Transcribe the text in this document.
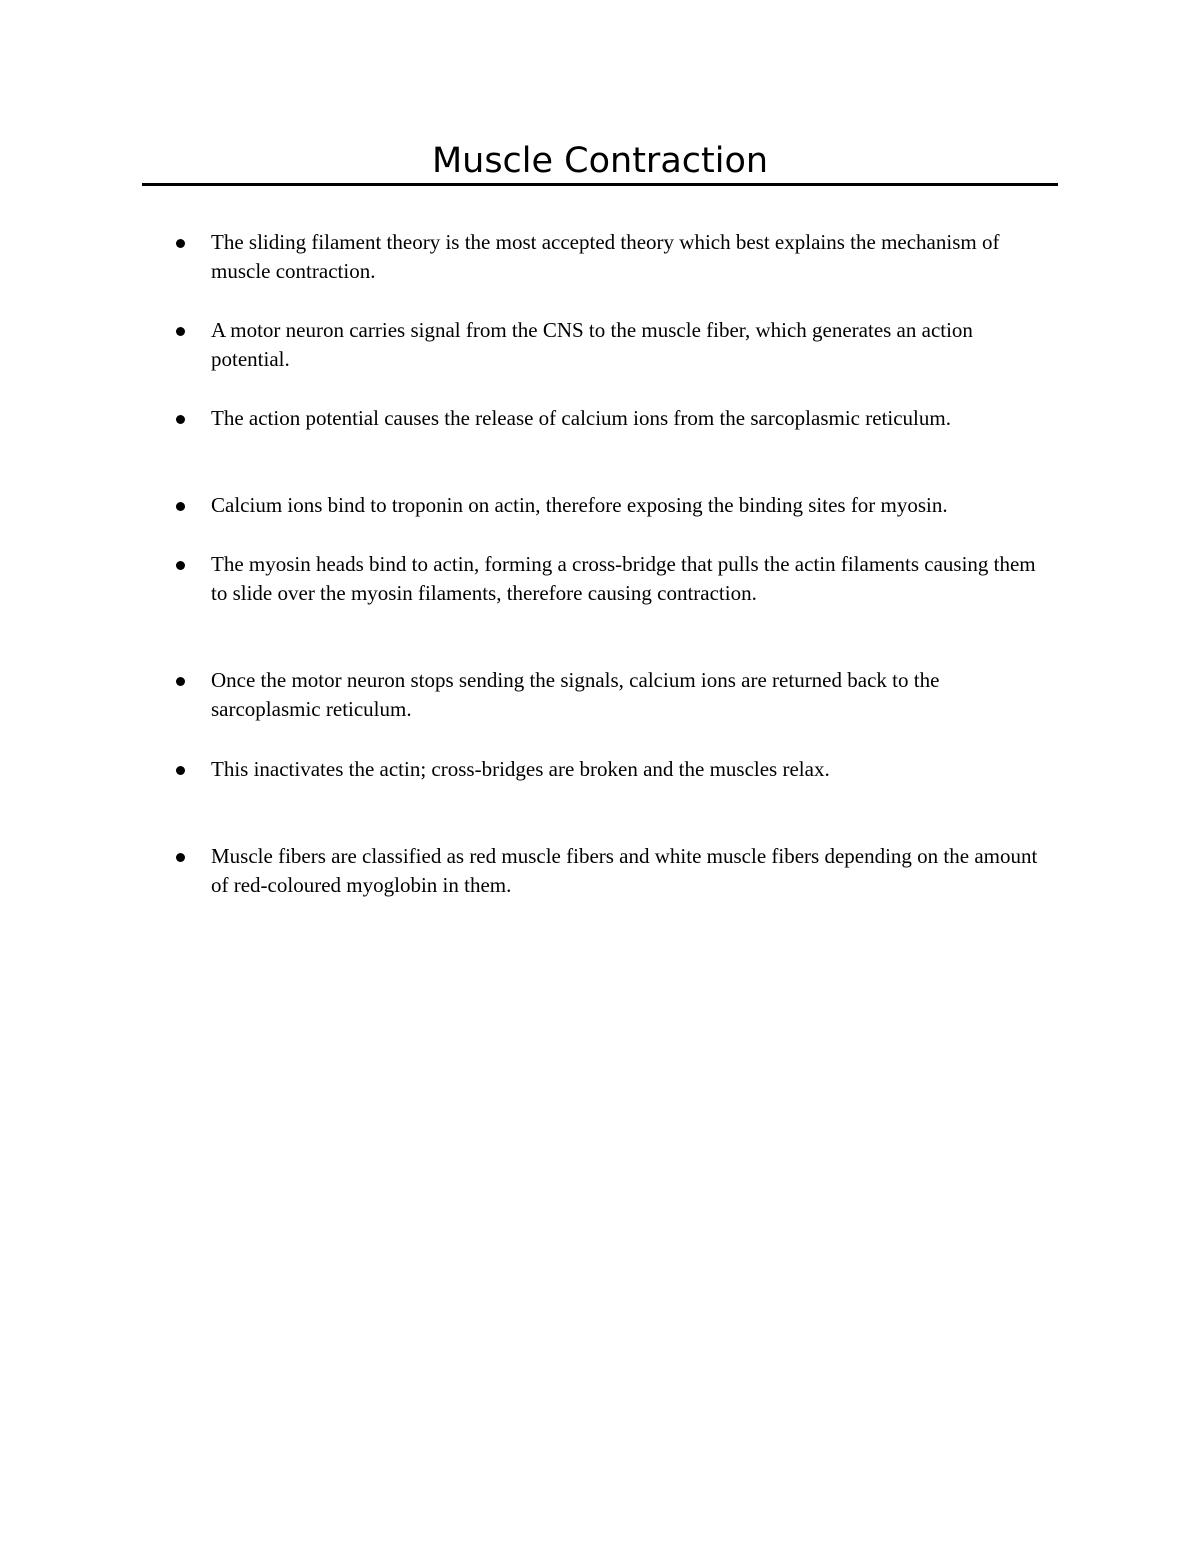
Muscle Contraction
The sliding filament theory is the most accepted theory which best explains the mechanism of muscle contraction.
A motor neuron carries signal from the CNS to the muscle fiber, which generates an action potential.
The action potential causes the release of calcium ions from the sarcoplasmic reticulum.
Calcium ions bind to troponin on actin, therefore exposing the binding sites for myosin.
The myosin heads bind to actin, forming a cross-bridge that pulls the actin filaments causing them to slide over the myosin filaments, therefore causing contraction.
Once the motor neuron stops sending the signals, calcium ions are returned back to the sarcoplasmic reticulum.
This inactivates the actin; cross-bridges are broken and the muscles relax.
Muscle fibers are classified as red muscle fibers and white muscle fibers depending on the amount of red-coloured myoglobin in them.
